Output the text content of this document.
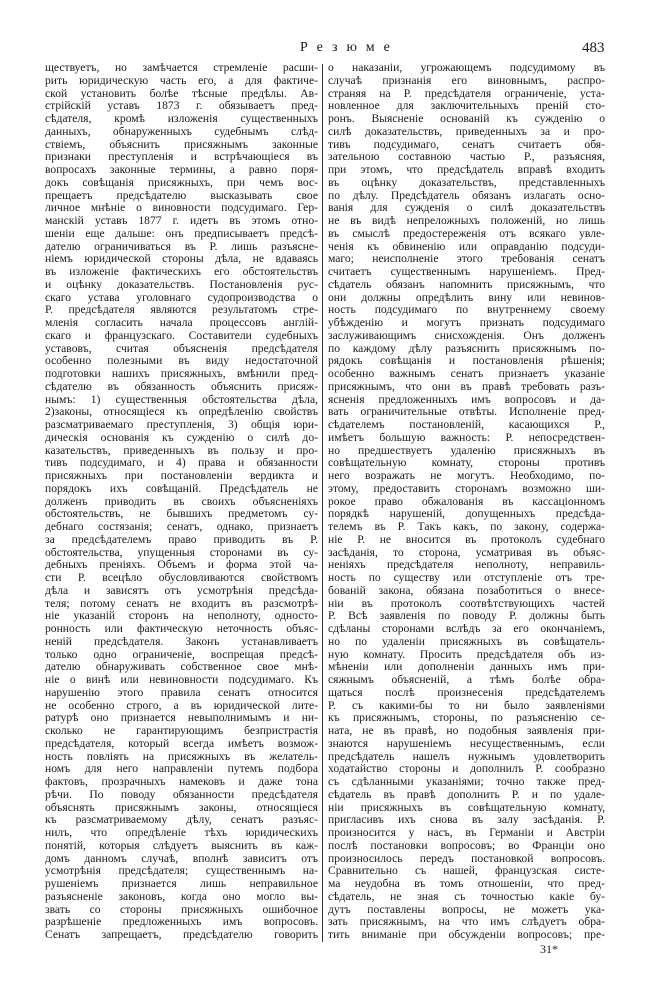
Резюме	483
ществуетъ, но замѣчается стремленіе расши-
рить юридическую часть его, а для фактиче-
ской установить болѣе тѣсные предѣлы. Ав-
стрійскій уставъ 1873 г. обязываетъ пред-
сѣдателя, кромѣ изложенія существенныхъ
данныхъ, обнаруженныхъ судебнымъ слѣд-
ствіемъ, объяснить присяжнымъ законные
признаки преступленія и встрѣчающіеся въ
вопросахъ законные термины, а равно поря-
докъ совѣщанія присяжныхъ, при чемъ вос-
прещаетъ предсѣдателю высказывать свое
личное мнѣніе о виновности подсудимаго. Гер-
манскій уставъ 1877 г. идетъ въ этомъ отно-
шеніи еще дальше: онъ предписываетъ предсѣ-
дателю ограничиваться въ Р. лишь разъясне-
ніемъ юридической стороны дѣла, не вдаваясь
въ изложеніе фактическихъ его обстоятельствъ
и оцѣнку доказательствъ. Постановленія рус-
скаго устава уголовнаго судопроизводства о
Р. предсѣдателя являются результатомъ стре-
мленія согласить начала процессовъ англій-
скаго и французскаго. Составители судебныхъ
уставовъ, считая объясненія предсѣдателя
особенно полезными въ виду недостаточной
подготовки нашихъ присяжныхъ, вмѣнили пред-
сѣдателю въ обязанность объяснить присяж-
нымъ: 1) существенныя обстоятельства дѣла,
2)законы, относящіеся къ опредѣленію свойствъ
разсматриваемаго преступленія, 3) общія юри-
дическія основанія къ сужденію о силѣ до-
казательствъ, приведенныхъ въ пользу и про-
тивъ подсудимаго, и 4) права и обязанности
присяжныхъ при постановленіи вердикта и
порядокъ ихъ совѣщаній. Предсѣдатель не
долженъ приводить въ своихъ объясненіяхъ
обстоятельствъ, не бывшихъ предметомъ су-
дебнаго состязанія; сенатъ, однако, признаетъ
за предсѣдателемъ право приводить въ Р.
обстоятельства, упущенныя сторонами въ су-
дебныхъ преніяхъ. Объемъ и форма этой ча-
сти Р. всецѣло обусловливаются свойствомъ
дѣла и зависятъ отъ усмотрѣнія предсѣда-
теля; потому сенатъ не входитъ въ разсмотрѣ-
ніе указаній сторонъ на неполноту, односто-
ронность или фактическую неточность объяс-
неній предсѣдателя. Законъ устанавливаетъ
только одно ограниченіе, воспрещая предсѣ-
дателю обнаруживать собственное свое мнѣ-
ніе о винѣ или невиновности подсудимаго. Къ
нарушенію этого правила сенатъ относится
не особенно строго, а въ юридической лите-
ратурѣ оно признается невыполнимымъ и ни-
сколько не гарантирующимъ безпристрастія
предсѣдателя, который всегда имѣетъ возмож-
ность повліять на присяжныхъ въ желатель-
номъ для него направленіи путемъ подбора
фактовъ, прозрачныхъ намековъ и даже тона
рѣчи. По поводу обязанности предсѣдателя
объяснять присяжнымъ законы, относящіеся
къ разсматриваемому дѣлу, сенатъ разъяс-
нилъ, что опредѣленіе тѣхъ юридическихъ
понятій, которыя слѣдуетъ выяснить въ каж-
домъ данномъ случаѣ, вполнѣ зависитъ отъ
усмотрѣнія предсѣдателя; существеннымъ на-
рушеніемъ признается лишь неправильное
разъясненіе законовъ, когда оно могло вы-
звать со стороны присяжныхъ ошибочное
разрѣшеніе предложенныхъ имъ вопросовъ.
Сенатъ запрещаетъ, предсѣдателю говорить
о наказаніи, угрожающемъ подсудимому въ
случаѣ признанія его виновнымъ, распро-
страняя на Р. предсѣдателя ограниченіе, уста-
новленное для заключительныхъ преній сто-
ронъ. Выясненіе основаній къ сужденію о
силѣ доказательствъ, приведенныхъ за и про-
тивъ подсудимаго, сенатъ считаетъ обя-
зательною составною частью Р., разъясняя,
при этомъ, что предсѣдатель вправѣ входить
въ оцѣнку доказательствъ, представленныхъ
по дѣлу. Предсѣдатель обязанъ излагать осно-
ванія для сужденія о силѣ доказательствъ
не въ видѣ непреложныхъ положеній, но лишь
въ смыслѣ предостереженія отъ всякаго увле-
ченія къ обвиненію или оправданію подсуди-
маго; неисполненіе этого требованія сенатъ
считаетъ существеннымъ нарушеніемъ. Пред-
сѣдатель обязанъ напомнить присяжнымъ, что
они должны опредѣлить вину или невинов-
ность подсудимаго по внутреннему своему
убѣжденію и могутъ признать подсудимаго
заслуживающимъ снисхожденія. Онъ долженъ
по каждому дѣлу разъяснить присяжнымъ по-
рядокъ совѣщанія и постановленія рѣшенія;
особенно важнымъ сенатъ признаетъ указаніе
присяжнымъ, что они въ правѣ требовать разъ-
ясненія предложенныхъ имъ вопросовъ и да-
вать ограничительные отвѣты. Исполненіе пред-
сѣдателемъ постановленій, касающихся Р.,
имѣетъ большую важность: Р. непосредствен-
но предшествуетъ удаленію присяжныхъ въ
совѣщательную комнату, стороны противъ
него возражать не могутъ. Необходимо, по-
этому, предоставить сторонамъ возможно ши-
рокое право обжалованія въ кассаціонномъ
порядкѣ нарушеній, допущенныхъ предсѣда-
телемъ въ Р. Такъ какъ, по закону, содержа-
ніе Р. не вносится въ протоколъ судебнаго
засѣданія, то сторона, усматривая въ объяс-
неніяхъ предсѣдателя неполноту, неправиль-
ность по существу или отступленіе отъ тре-
бованій закона, обязана позаботиться о внесе-
ніи въ протоколъ соотвѣтствующихъ частей
Р. Всѣ заявленія по поводу Р. должны быть
сдѣланы сторонами вслѣдъ за его окончаніемъ,
но по удаленіи присяжныхъ въ совѣщатель-
ную комнату. Просить предсѣдателя объ из-
мѣненіи или дополненіи данныхъ имъ при-
сяжнымъ объясненій, а тѣмъ болѣе обра-
щаться послѣ произнесенія предсѣдателемъ
Р. съ какими-бы то ни было заявленіями
къ присяжнымъ, стороны, по разъясненію се-
ната, не въ правѣ, но подобныя заявленія при-
знаются нарушеніемъ несущественнымъ, если
предсѣдатель нашелъ нужнымъ удовлетворить
ходатайство стороны и дополнилъ Р. сообразно
съ сдѣланными указаніями; точно также пред-
сѣдатель въ правѣ дополнить Р. и по удале-
ніи присяжныхъ въ совѣщательную комнату,
пригласивъ ихъ снова въ залу засѣданія. Р.
произносится у насъ, въ Германіи и Австріи
послѣ постановки вопросовъ; во Франціи оно
произносилось передъ постановкой вопросовъ.
Сравнительно съ нашей, французская систе-
ма неудобна въ томъ отношеніи, что пред-
сѣдатель, не зная съ точностью какіе бу-
дутъ поставлены вопросы, не можетъ ука-
зать присяжнымъ, на что имъ слѣдуетъ обра-
тить вниманіе при обсужденіи вопросовъ; пре-
31*
